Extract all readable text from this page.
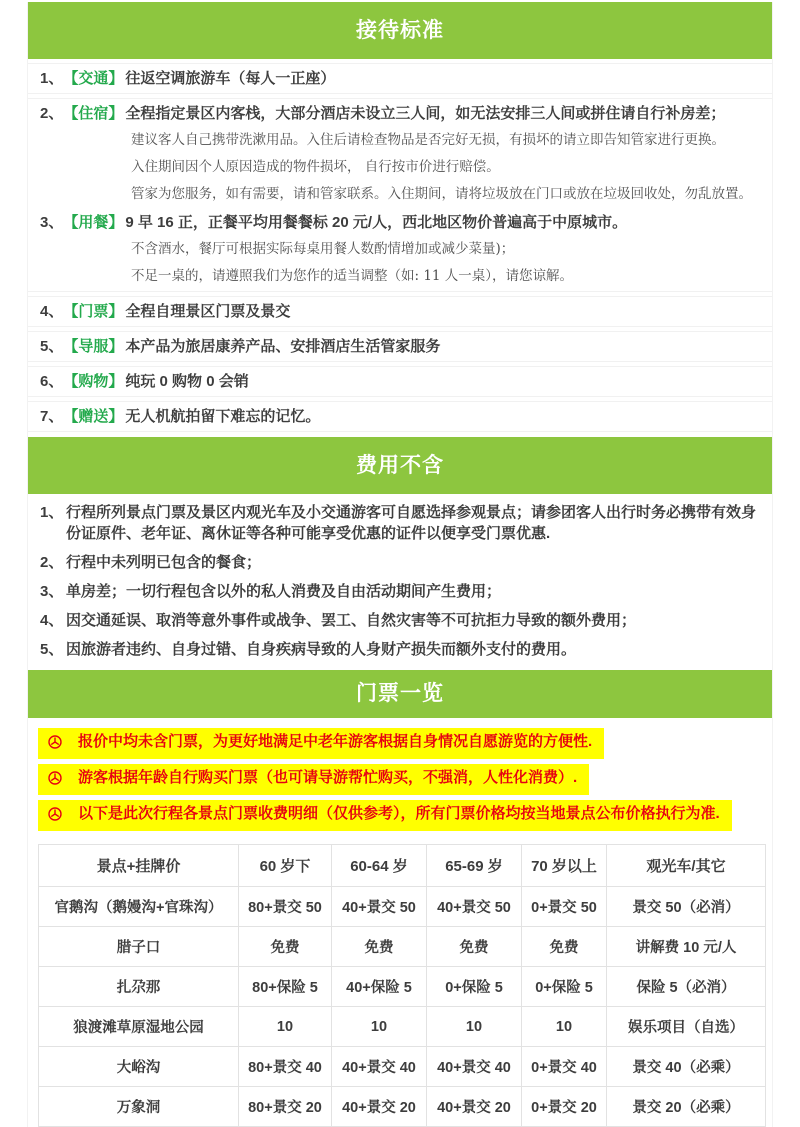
接待标准
1、【交通】 往返空调旅游车（每人一正座）
2、【住宿】 全程指定景区内客栈，大部分酒店未设立三人间，如无法安排三人间或拼住请自行补房差；
建议客人自己携带洗漱用品。入住后请检查物品是否完好无损，有损坏的请立即告知管家进行更换。
入住期间因个人原因造成的物件损坏， 自行按市价进行赔偿。
管家为您服务，如有需要，请和管家联系。入住期间，请将垃圾放在门口或放在垃圾回收处，勿乱放置。
3、【用餐】 9 早 16 正，正餐平均用餐餐标 20 元/人，西北地区物价普遍高于中原城市。
不含酒水，餐厅可根据实际每桌用餐人数酌情增加或减少菜量)；
不足一桌的，请遵照我们为您作的适当调整（如: 11 人一桌），请您谅解。
4、【门票】 全程自理景区门票及景交
5、【导服】 本产品为旅居康养产品、安排酒店生活管家服务
6、【购物】 纯玩 0 购物 0 会销
7、【赠送】 无人机航拍留下难忘的记忆。
费用不含
1、 行程所列景点门票及景区内观光车及小交通游客可自愿选择参观景点；请参团客人出行时务必携带有效身份证原件、老年证、离休证等各种可能享受优惠的证件以便享受门票优惠.
2、 行程中未列明已包含的餐食；
3、 单房差；一切行程包含以外的私人消费及自由活动期间产生费用；
4、 因交通延误、取消等意外事件或战争、罢工、自然灾害等不可抗拒力导致的额外费用；
5、 因旅游者违约、自身过错、自身疾病导致的人身财产损失而额外支付的费用。
门票一览
报价中均未含门票，为更好地满足中老年游客根据自身情况自愿游览的方便性.
游客根据年龄自行购买门票（也可请导游帮忙购买，不强消，人性化消费）.
以下是此次行程各景点门票收费明细（仅供参考），所有门票价格均按当地景点公布价格执行为准.
景点+挂牌价	60 岁下	60-64 岁	65-69 岁	70 岁以上	观光车/其它
官鹅沟（鹅嫚沟+官珠沟）	80+景交 50	40+景交 50	40+景交 50	0+景交 50	景交 50（必消）
腊子口	免费	免费	免费	免费	讲解费 10 元/人
扎尕那	80+保险 5	40+保险 5	0+保险 5	0+保险 5	保险 5（必消）
狼渡滩草原湿地公园	10	10	10	10	娱乐项目（自选）
大峪沟	80+景交 40	40+景交 40	40+景交 40	0+景交 40	景交 40（必乘）
万象洞	80+景交 20	40+景交 20	40+景交 20	0+景交 20	景交 20（必乘）
